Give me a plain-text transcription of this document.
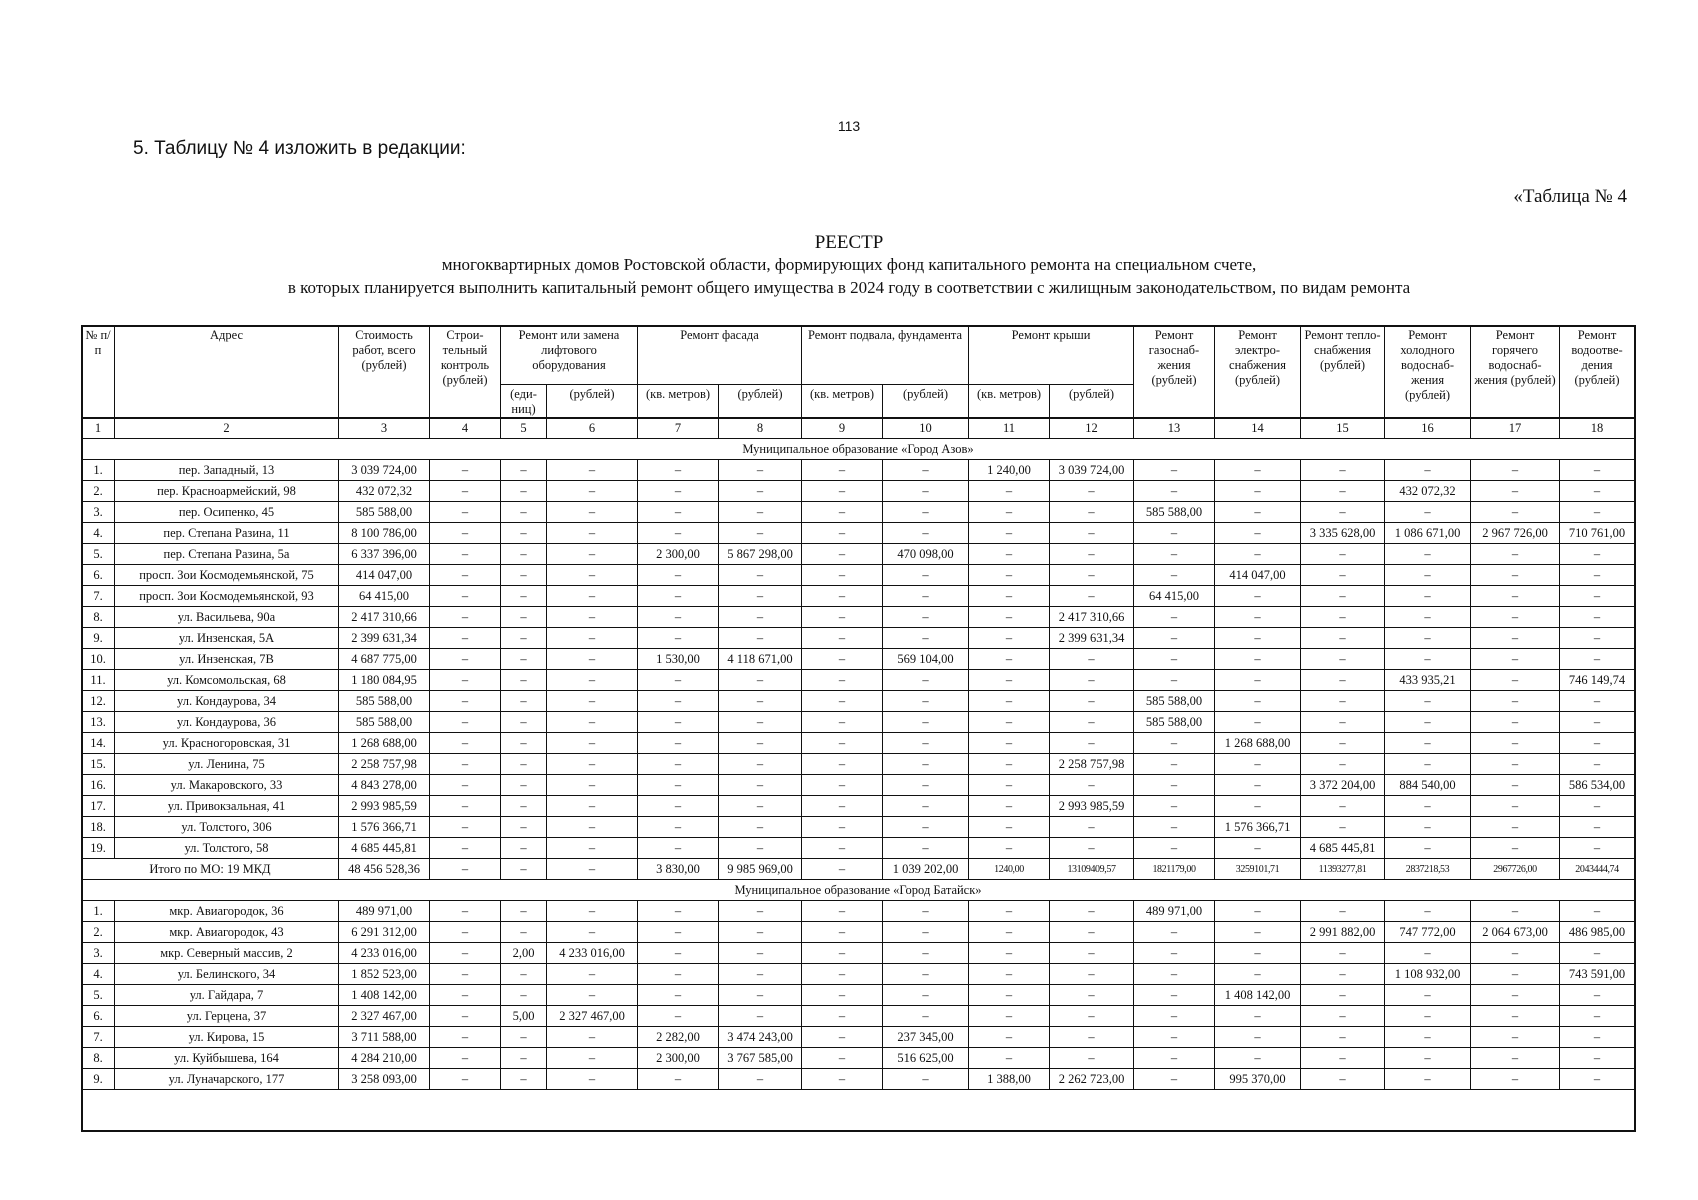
113
5. Таблицу № 4 изложить в редакции:
«Таблица № 4
РЕЕСТР
многоквартирных домов Ростовской области, формирующих фонд капитального ремонта на специальном счете,
в которых планируется выполнить капитальный ремонт общего имущества в 2024 году в соответствии с жилищным законодательством, по видам ремонта
№ п/п	Адрес	Стоимость работ, всего (рублей)	Строи-тельный контроль (рублей)	Ремонт или замена лифтового оборудования		Ремонт фасада		Ремонт подвала, фундамента		Ремонт крыши		Ремонт газоснаб-жения (рублей)	Ремонт электро-снабжения (рублей)	Ремонт тепло-снабжения (рублей)	Ремонт холодного водоснаб-жения (рублей)	Ремонт горячего водоснаб-жения (рублей)	Ремонт водоотве-дения (рублей)
				(еди-ниц)	(рублей)	(кв. метров)	(рублей)	(кв. метров)	(рублей)	(кв. метров)	(рублей)						
1	2	3	4	5	6	7	8	9	10	11	12	13	14	15	16	17	18
Муниципальное образование «Город Азов»																	
1.	пер. Западный, 13	3 039 724,00	–	–	–	–	–	–	–	1 240,00	3 039 724,00	–	–	–	–	–	–
2.	пер. Красноармейский, 98	432 072,32	–	–	–	–	–	–	–	–	–	–	–	–	432 072,32	–	–
3.	пер. Осипенко, 45	585 588,00	–	–	–	–	–	–	–	–	–	585 588,00	–	–	–	–	–
4.	пер. Степана Разина, 11	8 100 786,00	–	–	–	–	–	–	–	–	–	–	–	3 335 628,00	1 086 671,00	2 967 726,00	710 761,00
5.	пер. Степана Разина, 5а	6 337 396,00	–	–	–	2 300,00	5 867 298,00	–	470 098,00	–	–	–	–	–	–	–	–
6.	просп. Зои Космодемьянской, 75	414 047,00	–	–	–	–	–	–	–	–	–	–	414 047,00	–	–	–	–
7.	просп. Зои Космодемьянской, 93	64 415,00	–	–	–	–	–	–	–	–	–	64 415,00	–	–	–	–	–
8.	ул. Васильева, 90а	2 417 310,66	–	–	–	–	–	–	–	–	2 417 310,66	–	–	–	–	–	–
9.	ул. Инзенская, 5А	2 399 631,34	–	–	–	–	–	–	–	–	2 399 631,34	–	–	–	–	–	–
10.	ул. Инзенская, 7В	4 687 775,00	–	–	–	1 530,00	4 118 671,00	–	569 104,00	–	–	–	–	–	–	–	–
11.	ул. Комсомольская, 68	1 180 084,95	–	–	–	–	–	–	–	–	–	–	–	–	433 935,21	–	746 149,74
12.	ул. Кондаурова, 34	585 588,00	–	–	–	–	–	–	–	–	–	585 588,00	–	–	–	–	–
13.	ул. Кондаурова, 36	585 588,00	–	–	–	–	–	–	–	–	–	585 588,00	–	–	–	–	–
14.	ул. Красногоровская, 31	1 268 688,00	–	–	–	–	–	–	–	–	–	–	1 268 688,00	–	–	–	–
15.	ул. Ленина, 75	2 258 757,98	–	–	–	–	–	–	–	–	2 258 757,98	–	–	–	–	–	–
16.	ул. Макаровского, 33	4 843 278,00	–	–	–	–	–	–	–	–	–	–	–	3 372 204,00	884 540,00	–	586 534,00
17.	ул. Привокзальная, 41	2 993 985,59	–	–	–	–	–	–	–	–	2 993 985,59	–	–	–	–	–	–
18.	ул. Толстого, 306	1 576 366,71	–	–	–	–	–	–	–	–	–	–	1 576 366,71	–	–	–	–
19.	ул. Толстого, 58	4 685 445,81	–	–	–	–	–	–	–	–	–	–	–	4 685 445,81	–	–	–
Итого по МО: 19 МКД		48 456 528,36	–	–	–	3 830,00	9 985 969,00	–	1 039 202,00	1240,00	13109409,57	1821179,00	3259101,71	11393277,81	2837218,53	2967726,00	2043444,74
Муниципальное образование «Город Батайск»																	
1.	мкр. Авиагородок, 36	489 971,00	–	–	–	–	–	–	–	–	–	489 971,00	–	–	–	–	–
2.	мкр. Авиагородок, 43	6 291 312,00	–	–	–	–	–	–	–	–	–	–	–	2 991 882,00	747 772,00	2 064 673,00	486 985,00
3.	мкр. Северный массив, 2	4 233 016,00	–	2,00	4 233 016,00	–	–	–	–	–	–	–	–	–	–	–	–
4.	ул. Белинского, 34	1 852 523,00	–	–	–	–	–	–	–	–	–	–	–	–	1 108 932,00	–	743 591,00
5.	ул. Гайдара, 7	1 408 142,00	–	–	–	–	–	–	–	–	–	–	1 408 142,00	–	–	–	–
6.	ул. Герцена, 37	2 327 467,00	–	5,00	2 327 467,00	–	–	–	–	–	–	–	–	–	–	–	–
7.	ул. Кирова, 15	3 711 588,00	–	–	–	2 282,00	3 474 243,00	–	237 345,00	–	–	–	–	–	–	–	–
8.	ул. Куйбышева, 164	4 284 210,00	–	–	–	2 300,00	3 767 585,00	–	516 625,00	–	–	–	–	–	–	–	–
9.	ул. Луначарского, 177	3 258 093,00	–	–	–	–	–	–	–	1 388,00	2 262 723,00	–	995 370,00	–	–	–	–
